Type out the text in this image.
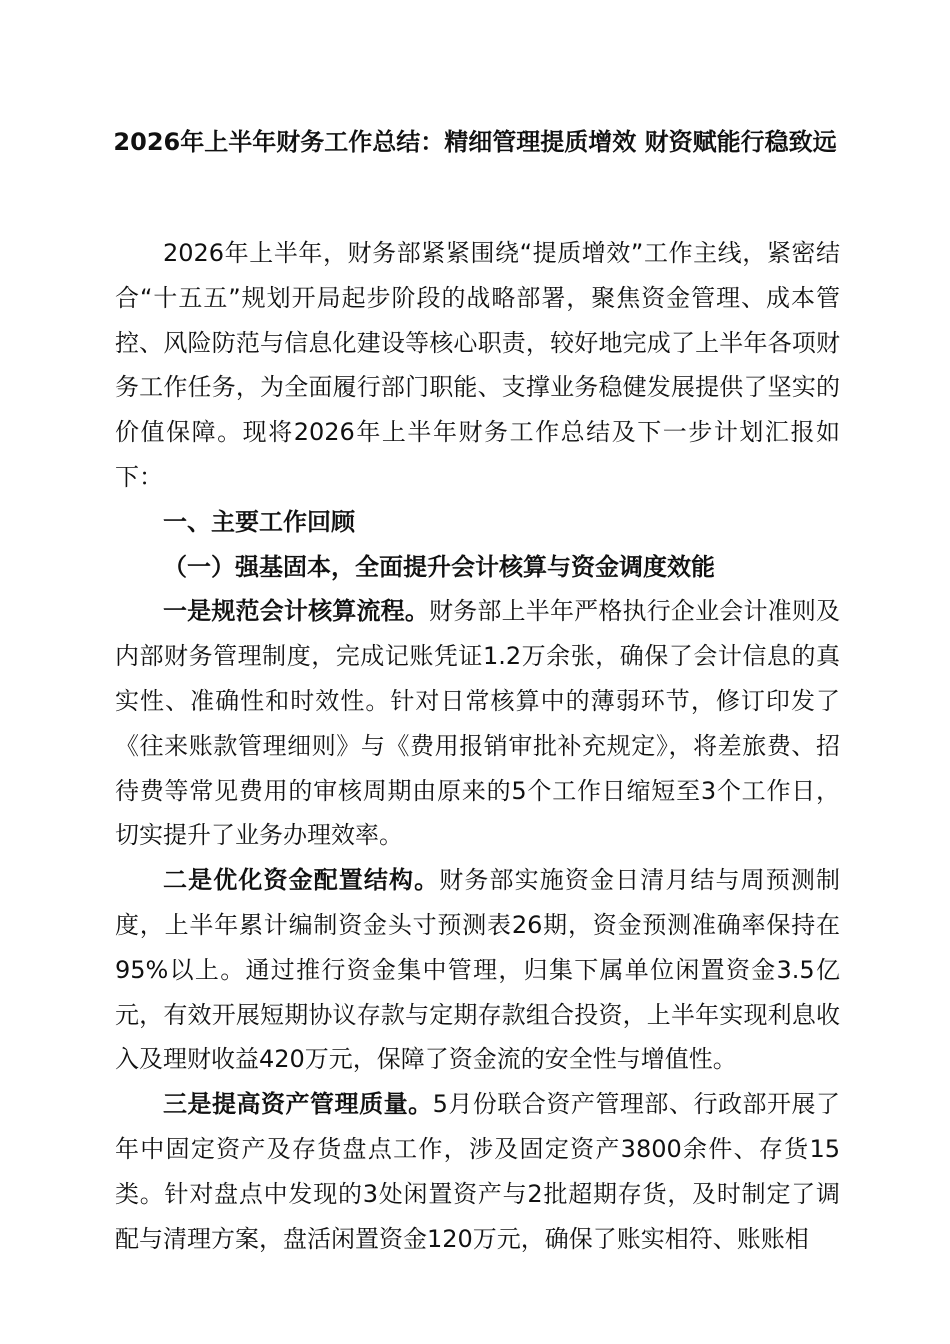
2026年上半年财务工作总结：精细管理提质增效 财资赋能行稳致远

2026年上半年，财务部紧紧围绕“提质增效”工作主线，紧密结合“十五五”规划开局起步阶段的战略部署，聚焦资金管理、成本管控、风险防范与信息化建设等核心职责，较好地完成了上半年各项财务工作任务，为全面履行部门职能、支撑业务稳健发展提供了坚实的价值保障。现将2026年上半年财务工作总结及下一步计划汇报如下：

一、主要工作回顾

（一）强基固本，全面提升会计核算与资金调度效能

一是规范会计核算流程。财务部上半年严格执行企业会计准则及内部财务管理制度，完成记账凭证1.2万余张，确保了会计信息的真实性、准确性和时效性。针对日常核算中的薄弱环节，修订印发了《往来账款管理细则》与《费用报销审批补充规定》，将差旅费、招待费等常见费用的审核周期由原来的5个工作日缩短至3个工作日，切实提升了业务办理效率。

二是优化资金配置结构。财务部实施资金日清月结与周预测制度，上半年累计编制资金头寸预测表26期，资金预测准确率保持在95%以上。通过推行资金集中管理，归集下属单位闲置资金3.5亿元，有效开展短期协议存款与定期存款组合投资，上半年实现利息收入及理财收益420万元，保障了资金流的安全性与增值性。

三是提高资产管理质量。5月份联合资产管理部、行政部开展了年中固定资产及存货盘点工作，涉及固定资产3800余件、存货15类。针对盘点中发现的3处闲置资产与2批超期存货，及时制定了调配与清理方案，盘活闲置资金120万元，确保了账实相符、账账相
